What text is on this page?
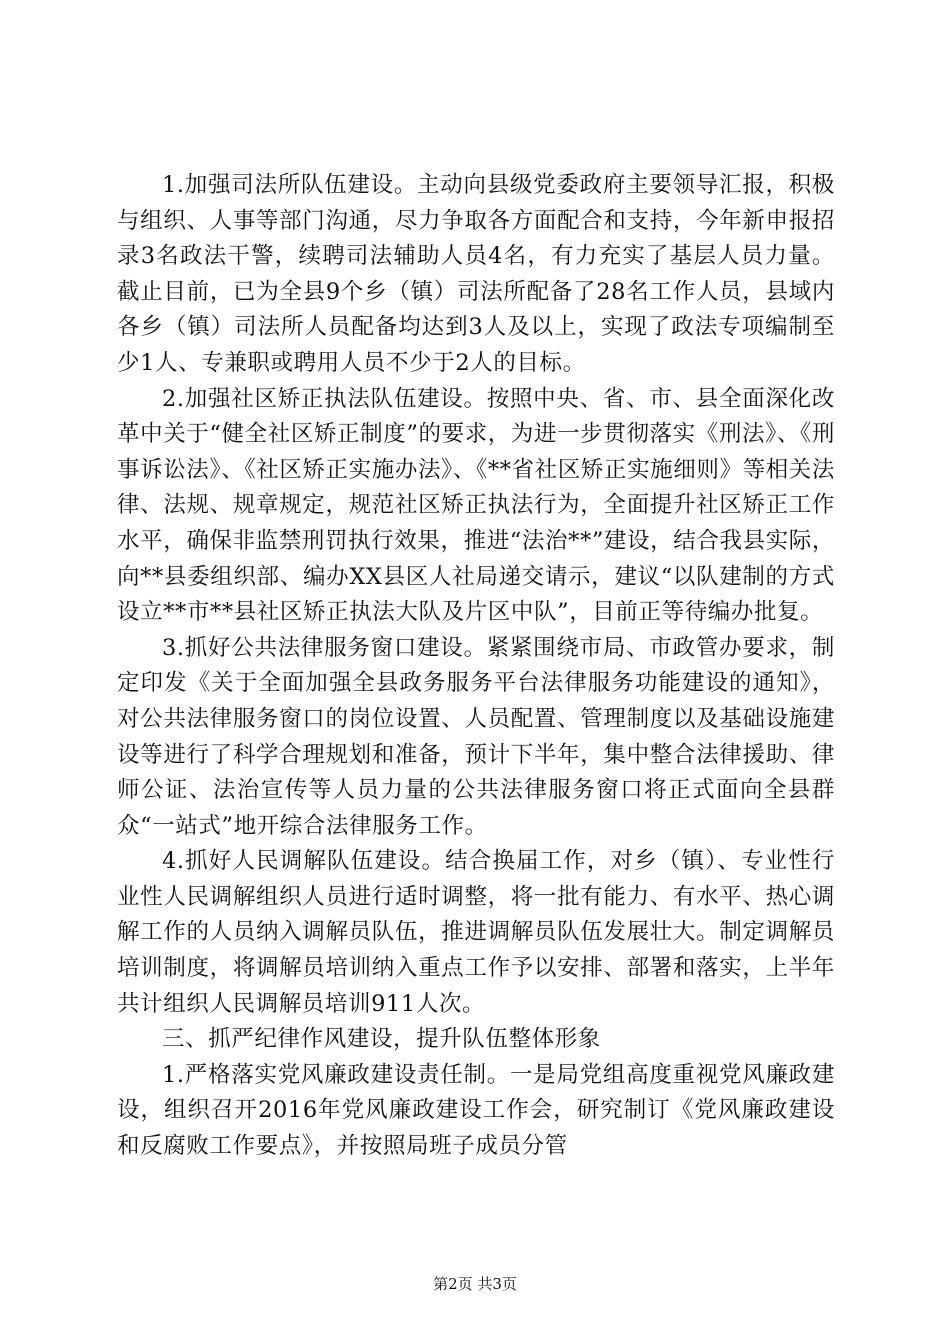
1.加强司法所队伍建设。主动向县级党委政府主要领导汇报，积极与组织、人事等部门沟通，尽力争取各方面配合和支持，今年新申报招录3名政法干警，续聘司法辅助人员4名，有力充实了基层人员力量。截止目前，已为全县9个乡（镇）司法所配备了28名工作人员，县域内各乡（镇）司法所人员配备均达到3人及以上，实现了政法专项编制至少1人、专兼职或聘用人员不少于2人的目标。

2.加强社区矫正执法队伍建设。按照中央、省、市、县全面深化改革中关于“健全社区矫正制度”的要求，为进一步贯彻落实《刑法》、《刑事诉讼法》、《社区矫正实施办法》、《**省社区矫正实施细则》等相关法律、法规、规章规定，规范社区矫正执法行为，全面提升社区矫正工作水平，确保非监禁刑罚执行效果，推进“法治**”建设，结合我县实际，向**县委组织部、编办XX县区人社局递交请示，建议“以队建制的方式设立**市**县社区矫正执法大队及片区中队”，目前正等待编办批复。

3.抓好公共法律服务窗口建设。紧紧围绕市局、市政管办要求，制定印发《关于全面加强全县政务服务平台法律服务功能建设的通知》，对公共法律服务窗口的岗位设置、人员配置、管理制度以及基础设施建设等进行了科学合理规划和准备，预计下半年，集中整合法律援助、律师公证、法治宣传等人员力量的公共法律服务窗口将正式面向全县群众“一站式”地开综合法律服务工作。

4.抓好人民调解队伍建设。结合换届工作，对乡（镇）、专业性行业性人民调解组织人员进行适时调整，将一批有能力、有水平、热心调解工作的人员纳入调解员队伍，推进调解员队伍发展壮大。制定调解员培训制度，将调解员培训纳入重点工作予以安排、部署和落实，上半年共计组织人民调解员培训911人次。

三、抓严纪律作风建设，提升队伍整体形象

1.严格落实党风廉政建设责任制。一是局党组高度重视党风廉政建设，组织召开2016年党风廉政建设工作会，研究制订《党风廉政建设和反腐败工作要点》，并按照局班子成员分管

第2页 共3页
